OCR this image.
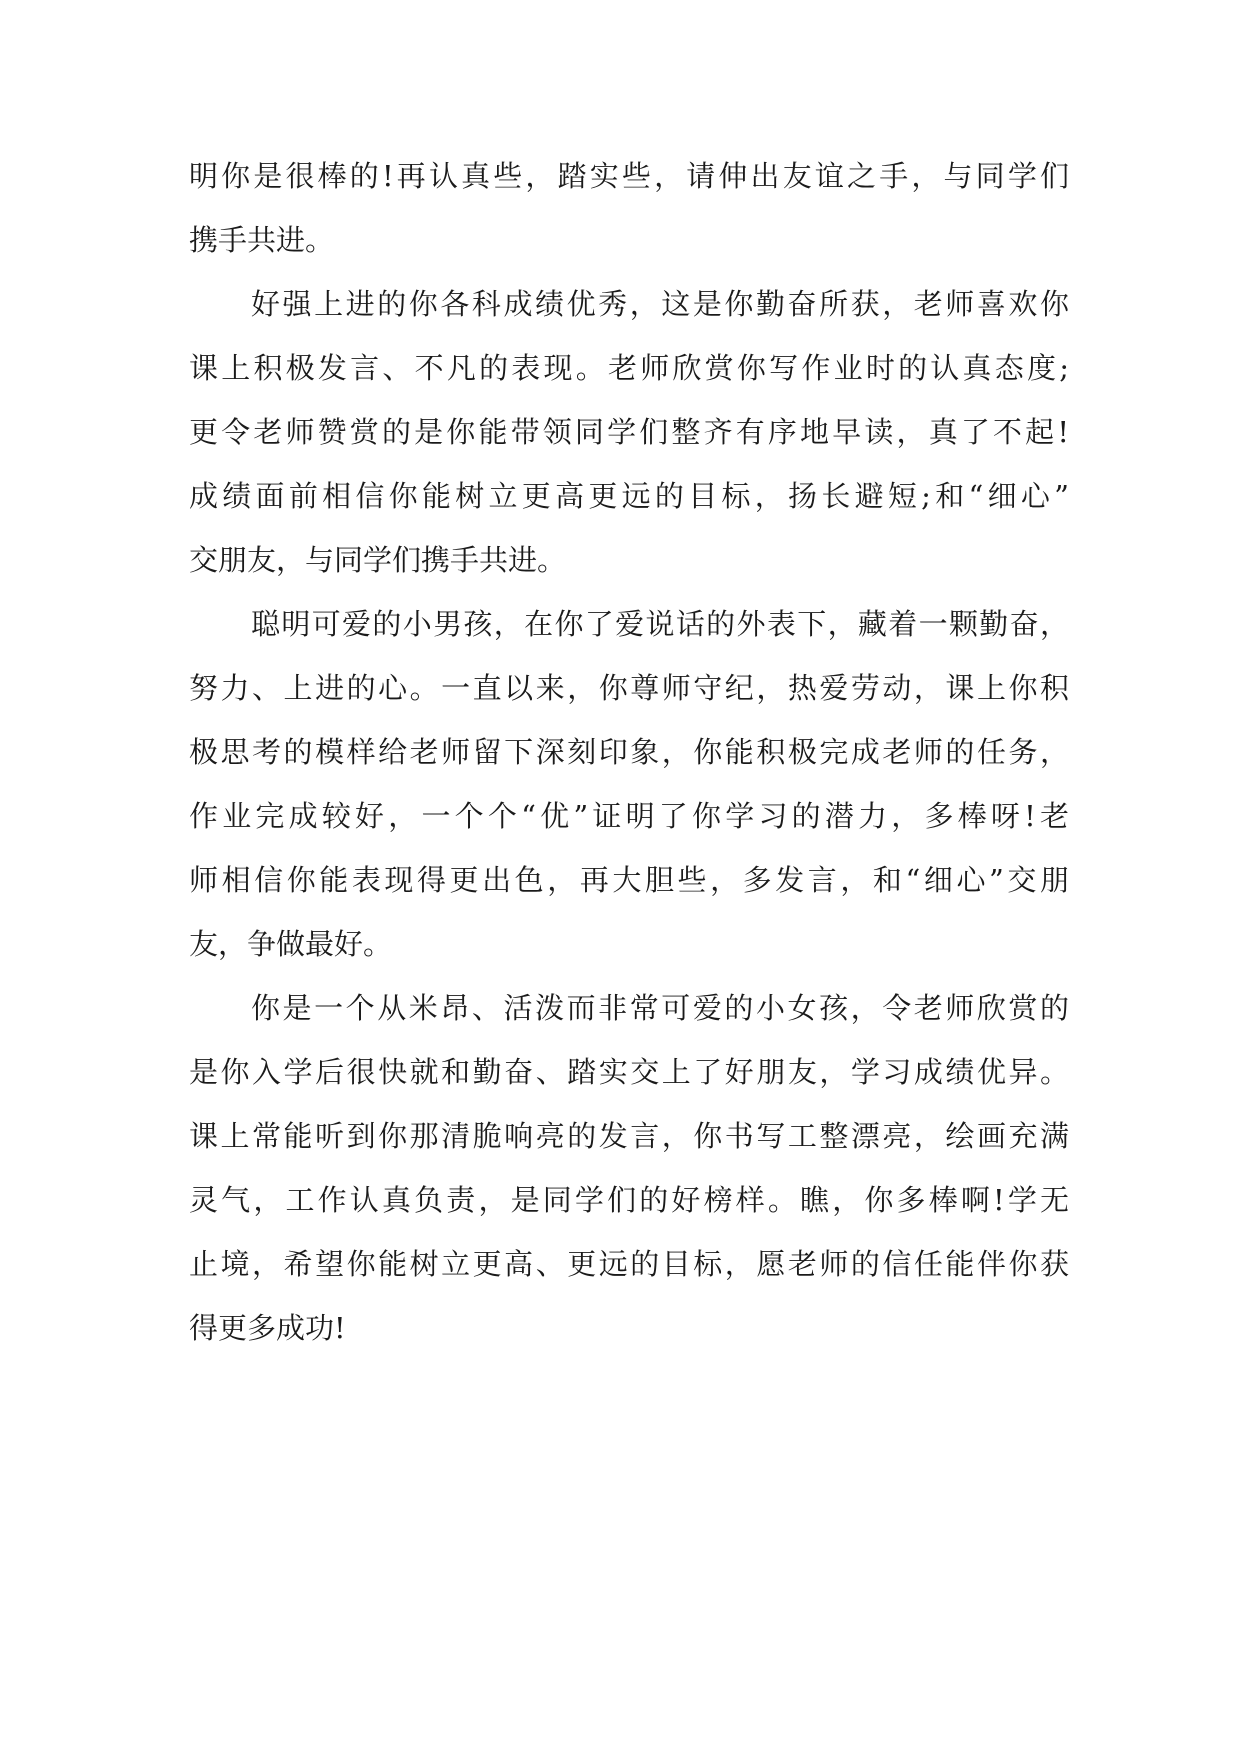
明你是很棒的!再认真些，踏实些，请伸出友谊之手，与同学们
携手共进。
好强上进的你各科成绩优秀，这是你勤奋所获，老师喜欢你
课上积极发言、不凡的表现。老师欣赏你写作业时的认真态度;
更令老师赞赏的是你能带领同学们整齐有序地早读，真了不起!
成绩面前相信你能树立更高更远的目标，扬长避短;和“细心”
交朋友，与同学们携手共进。
聪明可爱的小男孩，在你了爱说话的外表下，藏着一颗勤奋，
努力、上进的心。一直以来，你尊师守纪，热爱劳动，课上你积
极思考的模样给老师留下深刻印象，你能积极完成老师的任务，
作业完成较好，一个个“优”证明了你学习的潜力，多棒呀!老
师相信你能表现得更出色，再大胆些，多发言，和“细心”交朋
友，争做最好。
你是一个从米昂、活泼而非常可爱的小女孩，令老师欣赏的
是你入学后很快就和勤奋、踏实交上了好朋友，学习成绩优异。
课上常能听到你那清脆响亮的发言，你书写工整漂亮，绘画充满
灵气，工作认真负责，是同学们的好榜样。瞧，你多棒啊!学无
止境，希望你能树立更高、更远的目标，愿老师的信任能伴你获
得更多成功!
